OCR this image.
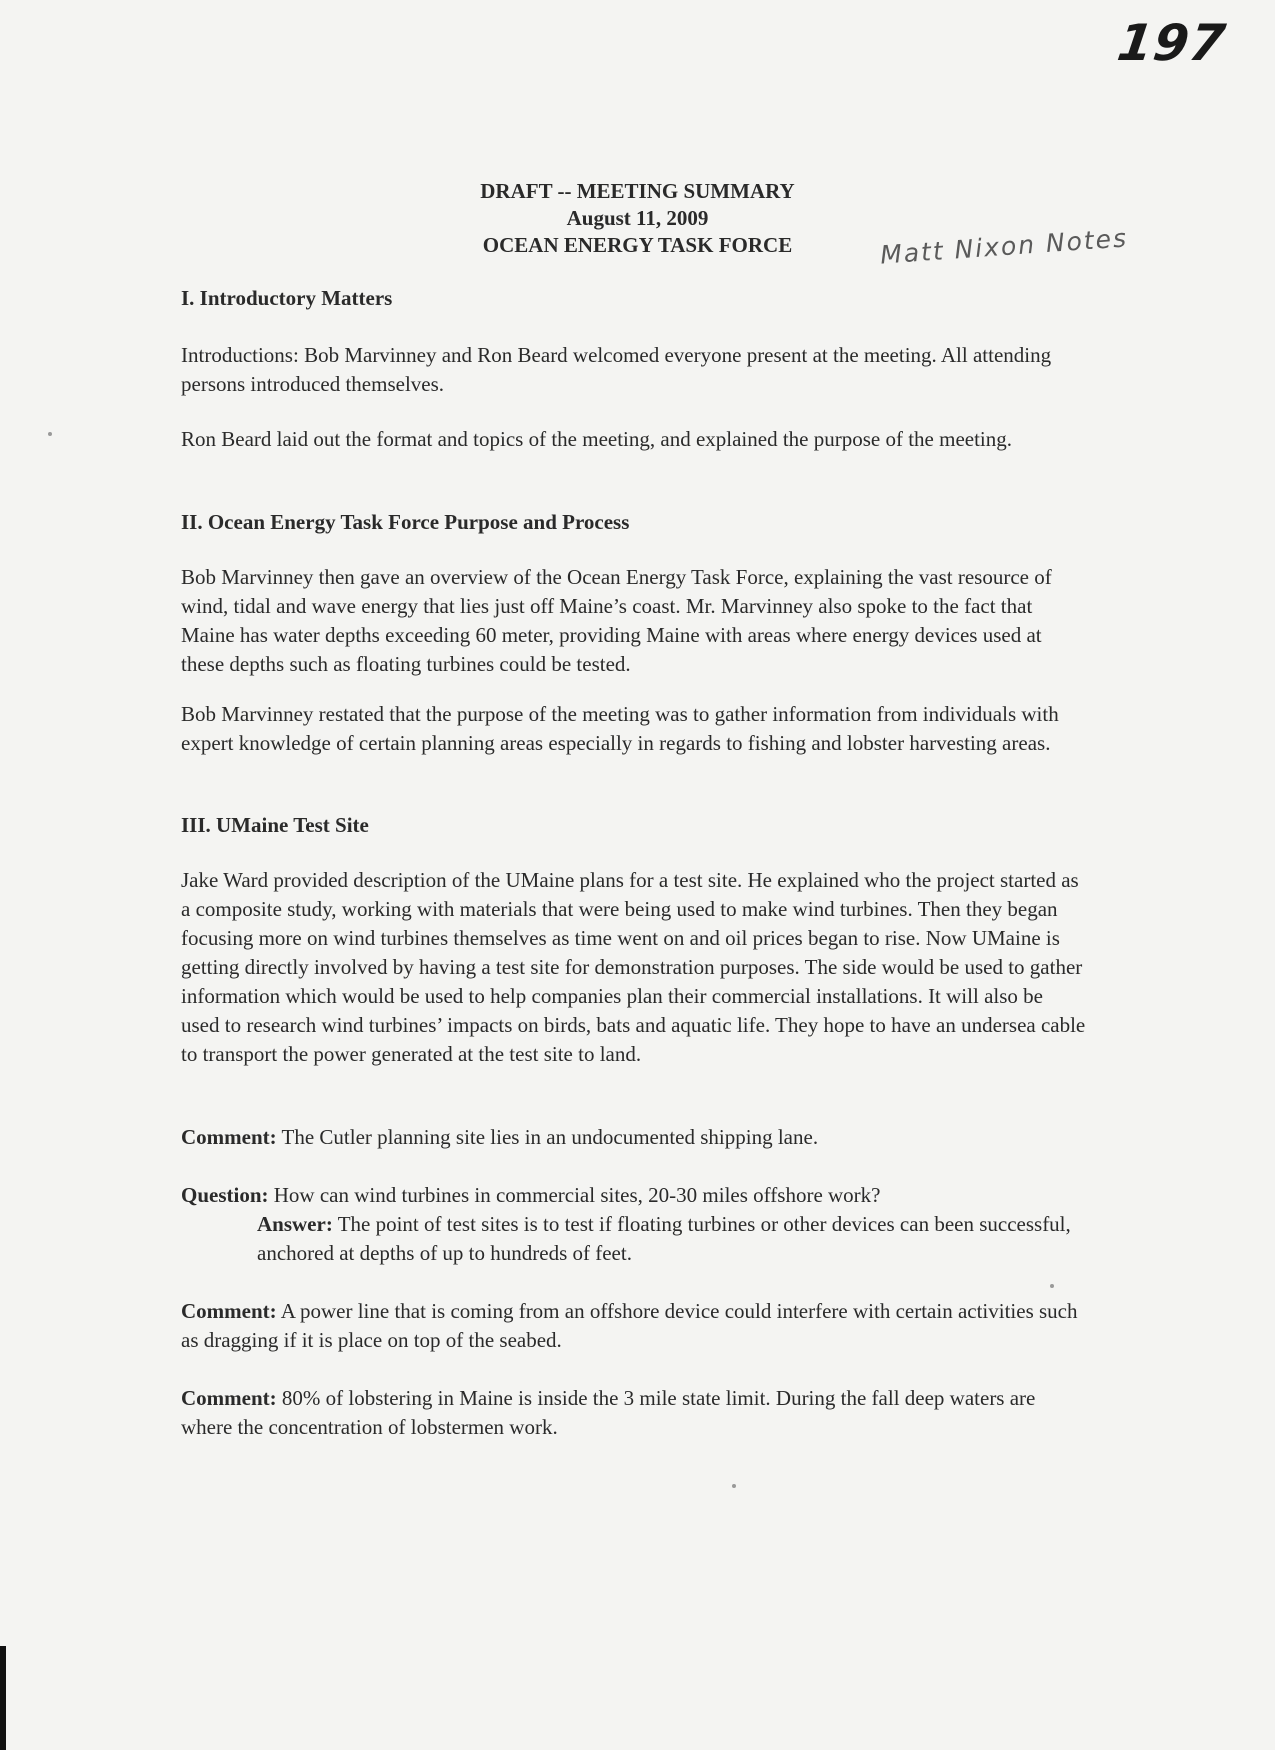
197
Matt Nixon Notes
DRAFT -- MEETING SUMMARY
August 11, 2009
OCEAN ENERGY TASK FORCE
I. Introductory Matters

Introductions: Bob Marvinney and Ron Beard welcomed everyone present at the meeting. All attending persons introduced themselves.

Ron Beard laid out the format and topics of the meeting, and explained the purpose of the meeting.

II. Ocean Energy Task Force Purpose and Process

Bob Marvinney then gave an overview of the Ocean Energy Task Force, explaining the vast resource of wind, tidal and wave energy that lies just off Maine’s coast. Mr. Marvinney also spoke to the fact that Maine has water depths exceeding 60 meter, providing Maine with areas where energy devices used at these depths such as floating turbines could be tested.

Bob Marvinney restated that the purpose of the meeting was to gather information from individuals with expert knowledge of certain planning areas especially in regards to fishing and lobster harvesting areas.

III. UMaine Test Site

Jake Ward provided description of the UMaine plans for a test site. He explained who the project started as a composite study, working with materials that were being used to make wind turbines. Then they began focusing more on wind turbines themselves as time went on and oil prices began to rise. Now UMaine is getting directly involved by having a test site for demonstration purposes. The side would be used to gather information which would be used to help companies plan their commercial installations. It will also be used to research wind turbines’ impacts on birds, bats and aquatic life. They hope to have an undersea cable to transport the power generated at the test site to land.

Comment: The Cutler planning site lies in an undocumented shipping lane.

Question: How can wind turbines in commercial sites, 20-30 miles offshore work?

Answer: The point of test sites is to test if floating turbines or other devices can been successful, anchored at depths of up to hundreds of feet.

Comment: A power line that is coming from an offshore device could interfere with certain activities such as dragging if it is place on top of the seabed.

Comment: 80% of lobstering in Maine is inside the 3 mile state limit. During the fall deep waters are where the concentration of lobstermen work.
